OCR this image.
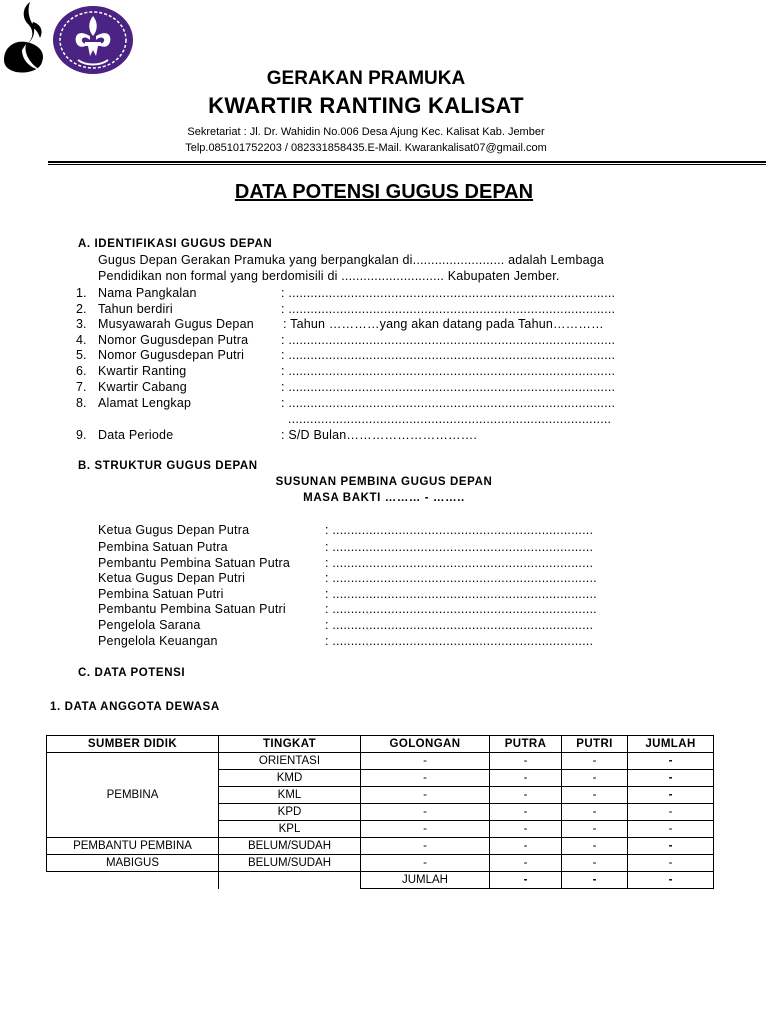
GERAKAN PRAMUKA
KWARTIR RANTING KALISAT
Sekretariat : Jl. Dr. Wahidin No.006 Desa Ajung Kec. Kalisat Kab. Jember
Telp.085101752203 / 082331858435.E-Mail. Kwarankalisat07@gmail.com
DATA POTENSI GUGUS DEPAN
A. IDENTIFIKASI GUGUS DEPAN
Gugus Depan Gerakan Pramuka yang berpangkalan di......................... adalah Lembaga
Pendidikan non formal yang berdomisili di ............................ Kabupaten Jember.
1. Nama Pangkalan	: .........................................................................................
2. Tahun berdiri	: .........................................................................................
3. Musyawarah Gugus Depan : Tahun …………yang akan datang pada Tahun…………
4. Nomor Gugusdepan Putra	: .........................................................................................
5. Nomor Gugusdepan Putri	: .........................................................................................
6. Kwartir Ranting	: .........................................................................................
7. Kwartir Cabang	: .........................................................................................
8. Alamat Lengkap	: .........................................................................................
........................................................................................
9. Data Periode	: S/D Bulan………………………….
B. STRUKTUR GUGUS DEPAN
SUSUNAN PEMBINA GUGUS DEPAN
MASA BAKTI ……… - ……..
Ketua Gugus Depan Putra	: .......................................................................
Pembina Satuan Putra	: .......................................................................
Pembantu Pembina Satuan Putra	: .......................................................................
Ketua Gugus Depan Putri	: ........................................................................
Pembina Satuan Putri	: ........................................................................
Pembantu Pembina Satuan Putri	: ........................................................................
Pengelola Sarana	: .......................................................................
Pengelola Keuangan	: .......................................................................
C. DATA POTENSI
1. DATA ANGGOTA DEWASA
SUMBER DIDIK	TINGKAT	GOLONGAN	PUTRA	PUTRI	JUMLAH
PEMBINA	ORIENTASI	-	-	-	-
	KMD	-	-	-	-
	KML	-	-	-	-
	KPD	-	-	-	-
	KPL	-	-	-	-
PEMBANTU PEMBINA	BELUM/SUDAH	-	-	-	-
MABIGUS	BELUM/SUDAH	-	-	-	-
		JUMLAH	-	-	-
